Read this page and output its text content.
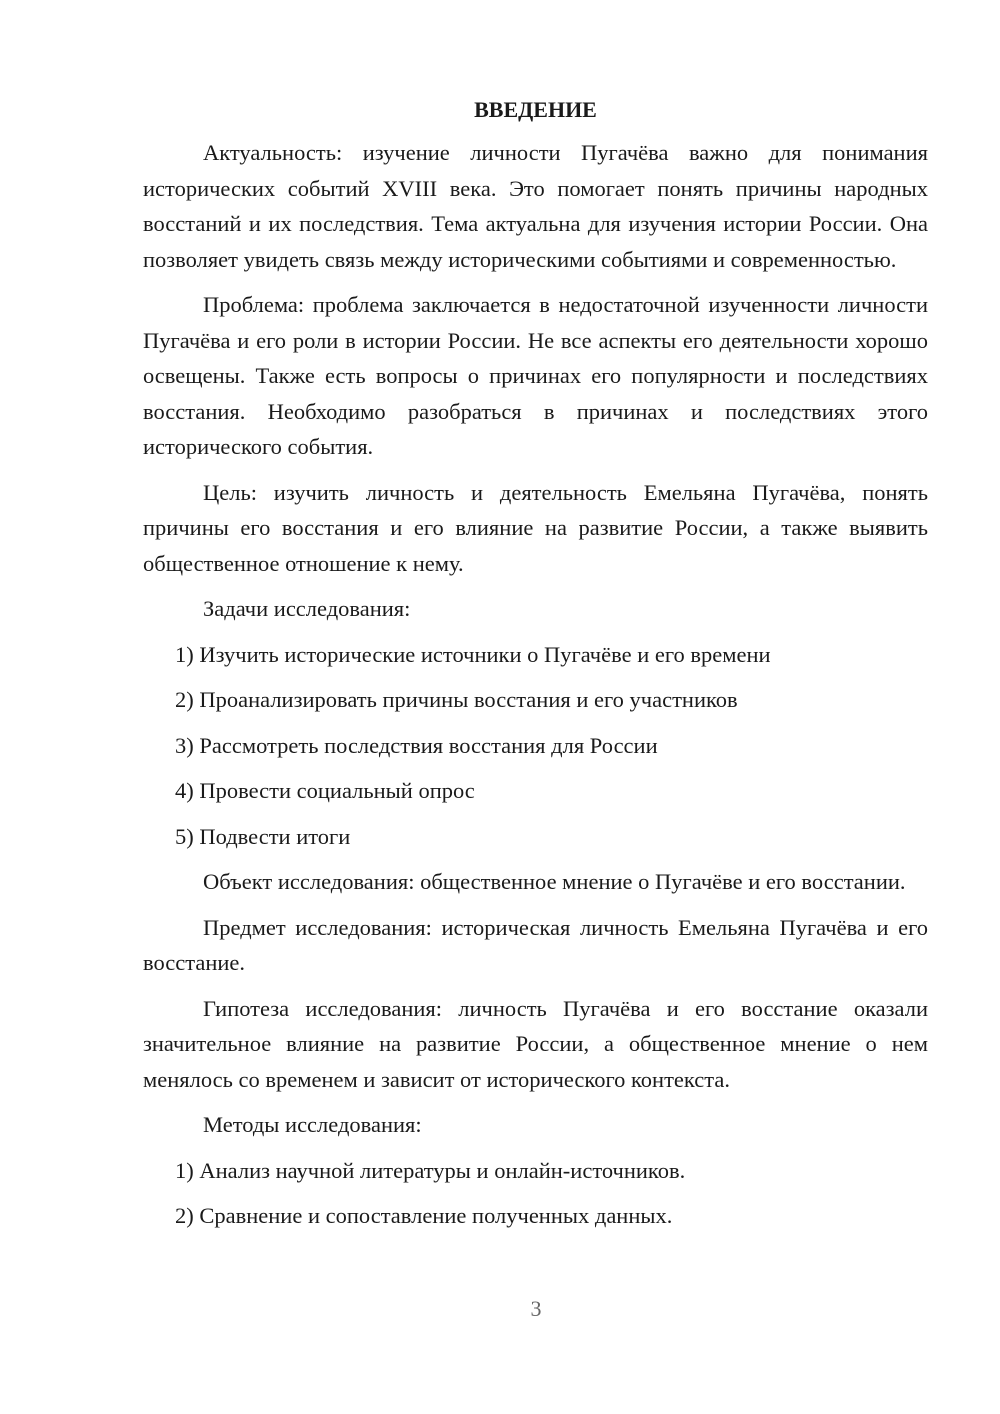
ВВЕДЕНИЕ

Актуальность: изучение личности Пугачёва важно для понимания исторических событий XVIII века. Это помогает понять причины народных восстаний и их последствия. Тема актуальна для изучения истории России. Она позволяет увидеть связь между историческими событиями и современностью.

Проблема: проблема заключается в недостаточной изученности личности Пугачёва и его роли в истории России. Не все аспекты его деятельности хорошо освещены. Также есть вопросы о причинах его популярности и последствиях восстания. Необходимо разобраться в причинах и последствиях этого исторического события.

Цель: изучить личность и деятельность Емельяна Пугачёва, понять причины его восстания и его влияние на развитие России, а также выявить общественное отношение к нему.

Задачи исследования:

1) Изучить исторические источники о Пугачёве и его времени

2) Проанализировать причины восстания и его участников

3) Рассмотреть последствия восстания для России

4) Провести социальный опрос

5) Подвести итоги

Объект исследования: общественное мнение о Пугачёве и его восстании.

Предмет исследования: историческая личность Емельяна Пугачёва и его восстание.

Гипотеза исследования: личность Пугачёва и его восстание оказали значительное влияние на развитие России, а общественное мнение о нем менялось со временем и зависит от исторического контекста.

Методы исследования:

1) Анализ научной литературы и онлайн-источников.

2) Сравнение и сопоставление полученных данных.

3
